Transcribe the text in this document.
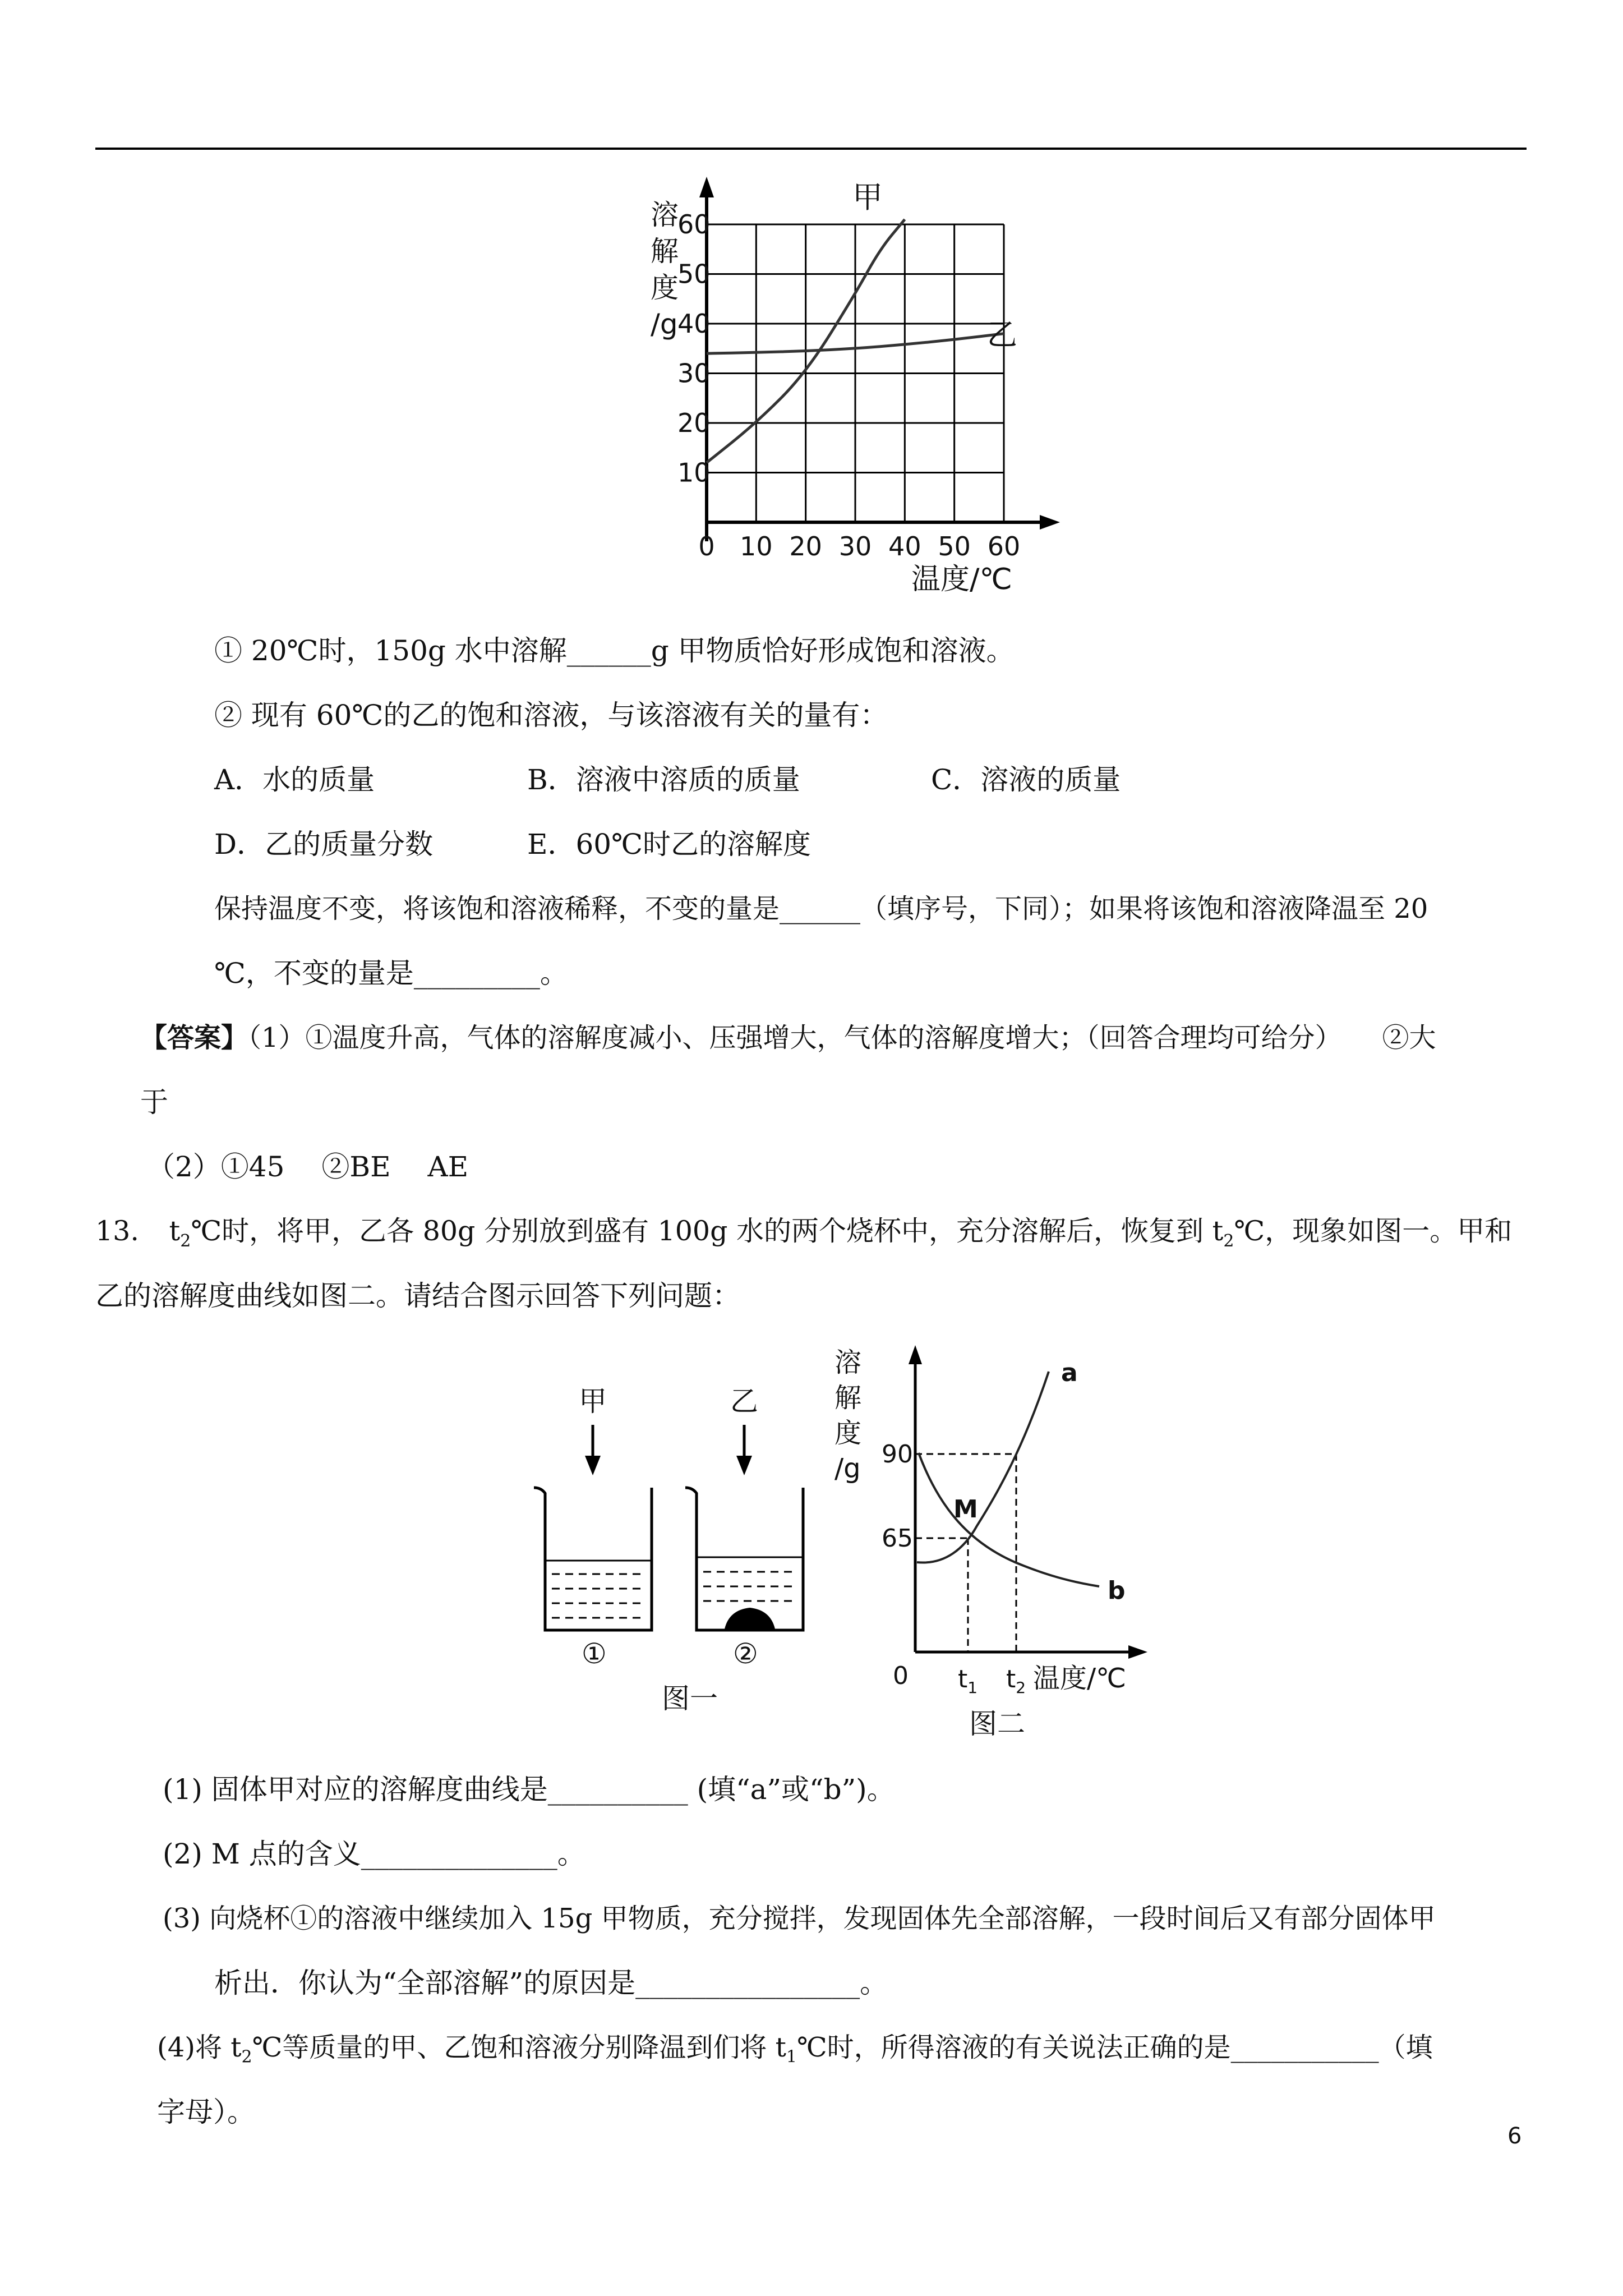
10
20
30
40
50
60
0 10 20 30 40 50 60
溶
解
度
/g
温度/℃
甲
乙
① 20℃时，150g 水中溶解______g 甲物质恰好形成饱和溶液。
② 现有 60℃的乙的饱和溶液，与该溶液有关的量有：
A．水的质量	B．溶液中溶质的质量	C．溶液的质量
D．乙的质量分数	E．60℃时乙的溶解度
保持温度不变，将该饱和溶液稀释，不变的量是______（填序号，下同）；如果将该饱和溶液降温至 20
℃，不变的量是_________。
【答案】（1）①温度升高，气体的溶解度减小、压强增大，气体的溶解度增大；（回答合理均可给分）　　②大
于
（2）①45　 ②BE　 AE
13. $t_2℃$时，将甲，乙各 80g 分别放到盛有 100g 水的两个烧杯中，充分溶解后，恢复到 $t_2℃$，现象如图一。甲和
乙的溶解度曲线如图二。请结合图示回答下列问题：
甲	乙
①	②
图一
溶
解
度
/g 90
65
0 $t_1$ $t_2$ 温度/℃
M
a
b
图二
(1) 固体甲对应的溶解度曲线是__________ (填“a”或“b”)。
(2) M 点的含义______________。
(3) 向烧杯①的溶液中继续加入 15g 甲物质，充分搅拌，发现固体先全部溶解，一段时间后又有部分固体甲
析出．你认为“全部溶解”的原因是________________。
(4)将 $t_2℃$等质量的甲、乙饱和溶液分别降温到们将 $t_1℃$时，所得溶液的有关说法正确的是___________（填
字母）。
6
